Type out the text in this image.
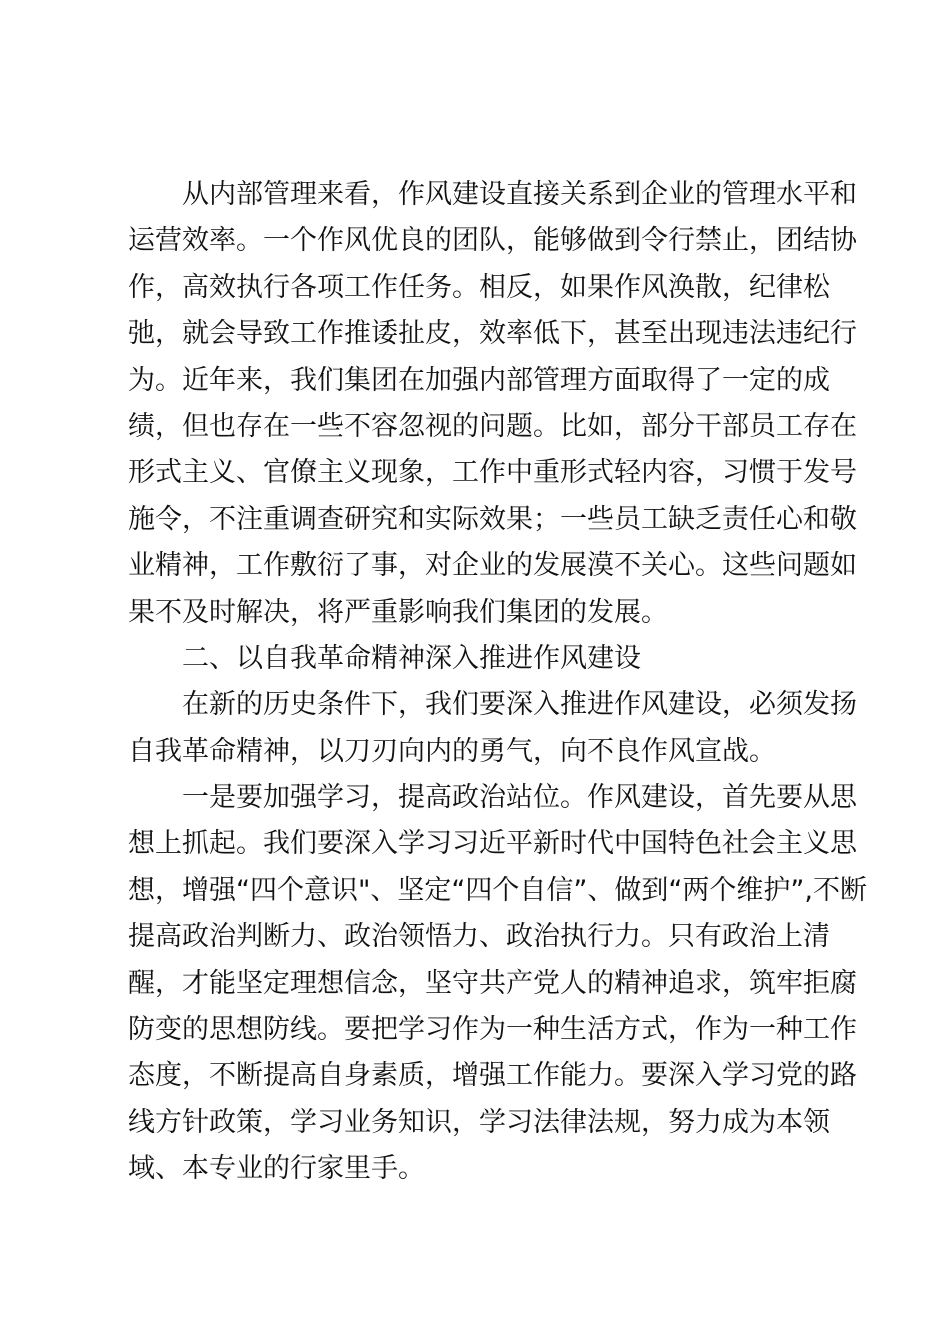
　　从内部管理来看，作风建设直接关系到企业的管理水平和
运营效率。一个作风优良的团队，能够做到令行禁止，团结协
作，高效执行各项工作任务。相反，如果作风涣散，纪律松
弛，就会导致工作推诿扯皮，效率低下，甚至出现违法违纪行
为。近年来，我们集团在加强内部管理方面取得了一定的成
绩，但也存在一些不容忽视的问题。比如，部分干部员工存在
形式主义、官僚主义现象，工作中重形式轻内容，习惯于发号
施令，不注重调查研究和实际效果；一些员工缺乏责任心和敬
业精神，工作敷衍了事，对企业的发展漠不关心。这些问题如
果不及时解决，将严重影响我们集团的发展。
　　二、以自我革命精神深入推进作风建设
　　在新的历史条件下，我们要深入推进作风建设，必须发扬
自我革命精神，以刀刃向内的勇气，向不良作风宣战。
　　一是要加强学习，提高政治站位。作风建设，首先要从思
想上抓起。我们要深入学习习近平新时代中国特色社会主义思
想，增强“四个意识"、坚定“四个自信”、做到“两个维护”,不断
提高政治判断力、政治领悟力、政治执行力。只有政治上清
醒，才能坚定理想信念，坚守共产党人的精神追求，筑牢拒腐
防变的思想防线。要把学习作为一种生活方式，作为一种工作
态度，不断提高自身素质，增强工作能力。要深入学习党的路
线方针政策，学习业务知识，学习法律法规，努力成为本领
域、本专业的行家里手。
